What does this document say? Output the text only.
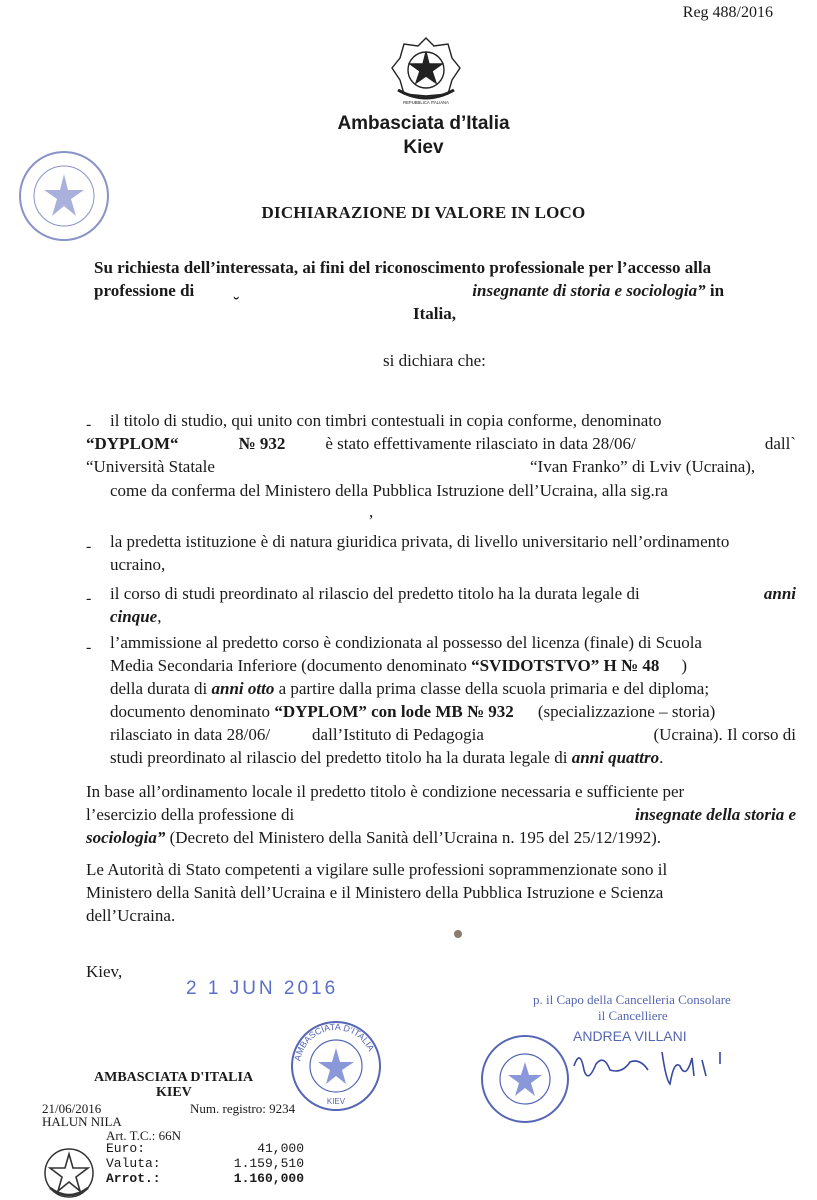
Reg 488/2016
REPUBBLICA ITALIANA
Ambasciata d’Italia
Kiev
DICHIARAZIONE DI VALORE IN LOCO
Su richiesta dell’interessata, ai fini del riconoscimento professionale per l’accesso alla
professione di	insegnante di storia e sociologia” in
Italia,
si dichiara che:
- il titolo di studio, qui unito con timbri contestuali in copia conforme, denominato
“DYPLOM“	№ 932 è stato effettivamente rilasciato in data 28/06/	dall`
“Università Statale	“Ivan Franko” di Lviv (Ucraina),
come da conferma del Ministero della Pubblica Istruzione dell’Ucraina, alla sig.ra
,
- la predetta istituzione è di natura giuridica privata, di livello universitario nell’ordinamento
ucraino,
- il corso di studi preordinato al rilascio del predetto titolo ha la durata legale di	anni
cinque,
- l’ammissione al predetto corso è condizionata al possesso del licenza (finale) di Scuola
Media Secondaria Inferiore (documento denominato “SVIDOTSTVO” H № 48 )
della durata di anni otto a partire dalla prima classe della scuola primaria e del diploma;
documento denominato “DYPLOM” con lode MB № 932 (specializzazione – storia)
rilasciato in data 28/06/ dall’Istituto di Pedagogia	(Ucraina). Il corso di
studi preordinato al rilascio del predetto titolo ha la durata legale di anni quattro.
In base all’ordinamento locale il predetto titolo è condizione necessaria e sufficiente per
l’esercizio della professione di	insegnate della storia e
sociologia” (Decreto del Ministero della Sanità dell’Ucraina n. 195 del 25/12/1992).
Le Autorità di Stato competenti a vigilare sulle professioni soprammenzionate sono il
Ministero della Sanità dell’Ucraina e il Ministero della Pubblica Istruzione e Scienza
dell’Ucraina.
Kiev,
2 1 JUN 2016
p. il Capo della Cancelleria Consolare
il Cancelliere
ANDREA VILLANI
AMBASCIATA D'ITALIA
KIEV
AMBASCIATA D'ITALIA
KIEV
21/06/2016	Num. registro: 9234
HALUN NILA
Art. T.C.: 66N
Euro:	41,000
Valuta:	1.159,510
Arrot.:	1.160,000
